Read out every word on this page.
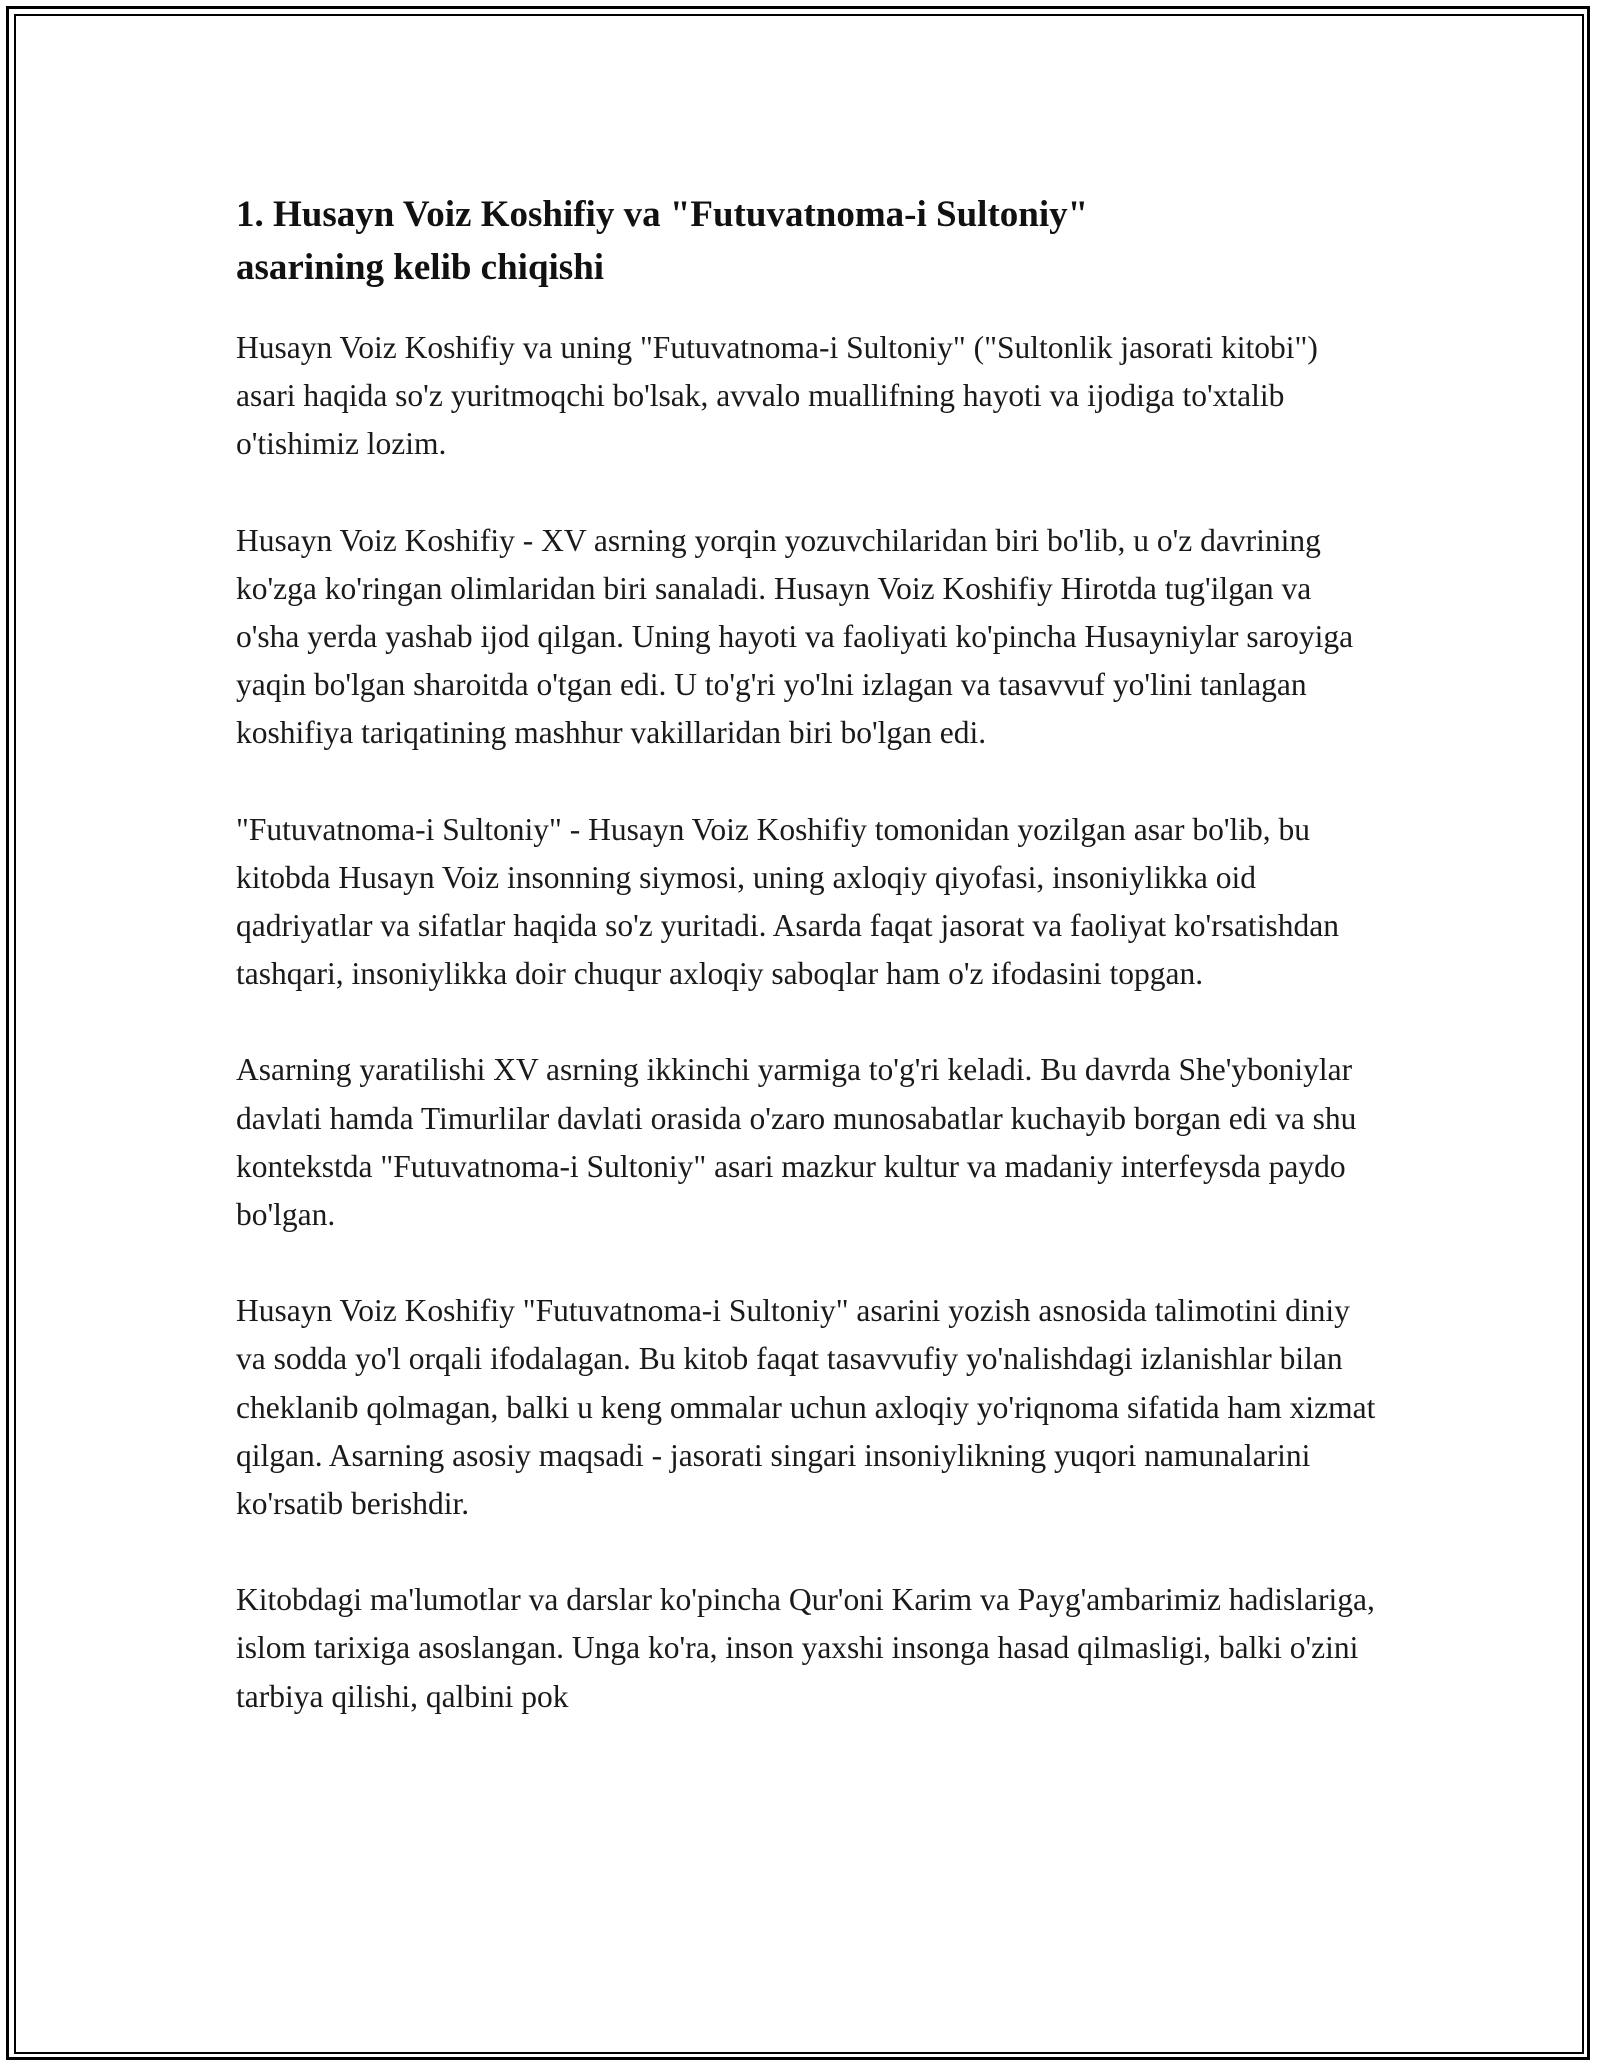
1. Husayn Voiz Koshifiy va "Futuvatnoma-i Sultoniy"
asarining kelib chiqishi

Husayn Voiz Koshifiy va uning "Futuvatnoma-i Sultoniy" ("Sultonlik jasorati kitobi") asari haqida so'z yuritmoqchi bo'lsak, avvalo muallifning hayoti va ijodiga to'xtalib o'tishimiz lozim.

Husayn Voiz Koshifiy - XV asrning yorqin yozuvchilaridan biri bo'lib, u o'z davrining ko'zga ko'ringan olimlaridan biri sanaladi. Husayn Voiz Koshifiy Hirotda tug'ilgan va o'sha yerda yashab ijod qilgan. Uning hayoti va faoliyati ko'pincha Husayniylar saroyiga yaqin bo'lgan sharoitda o'tgan edi. U to'g'ri yo'lni izlagan va tasavvuf yo'lini tanlagan koshifiya tariqatining mashhur vakillaridan biri bo'lgan edi.

"Futuvatnoma-i Sultoniy" - Husayn Voiz Koshifiy tomonidan yozilgan asar bo'lib, bu kitobda Husayn Voiz insonning siymosi, uning axloqiy qiyofasi, insoniylikka oid qadriyatlar va sifatlar haqida so'z yuritadi. Asarda faqat jasorat va faoliyat ko'rsatishdan tashqari, insoniylikka doir chuqur axloqiy saboqlar ham o'z ifodasini topgan.

Asarning yaratilishi XV asrning ikkinchi yarmiga to'g'ri keladi. Bu davrda She'yboniylar davlati hamda Timurlilar davlati orasida o'zaro munosabatlar kuchayib borgan edi va shu kontekstda "Futuvatnoma-i Sultoniy" asari mazkur kultur va madaniy interfeysda paydo bo'lgan.

Husayn Voiz Koshifiy "Futuvatnoma-i Sultoniy" asarini yozish asnosida talimotini diniy va sodda yo'l orqali ifodalagan. Bu kitob faqat tasavvufiy yo'nalishdagi izlanishlar bilan cheklanib qolmagan, balki u keng ommalar uchun axloqiy yo'riqnoma sifatida ham xizmat qilgan. Asarning asosiy maqsadi - jasorati singari insoniylikning yuqori namunalarini ko'rsatib berishdir.

Kitobdagi ma'lumotlar va darslar ko'pincha Qur'oni Karim va Payg'ambarimiz hadislariga, islom tarixiga asoslangan. Unga ko'ra, inson yaxshi insonga hasad qilmasligi, balki o'zini tarbiya qilishi, qalbini pok
